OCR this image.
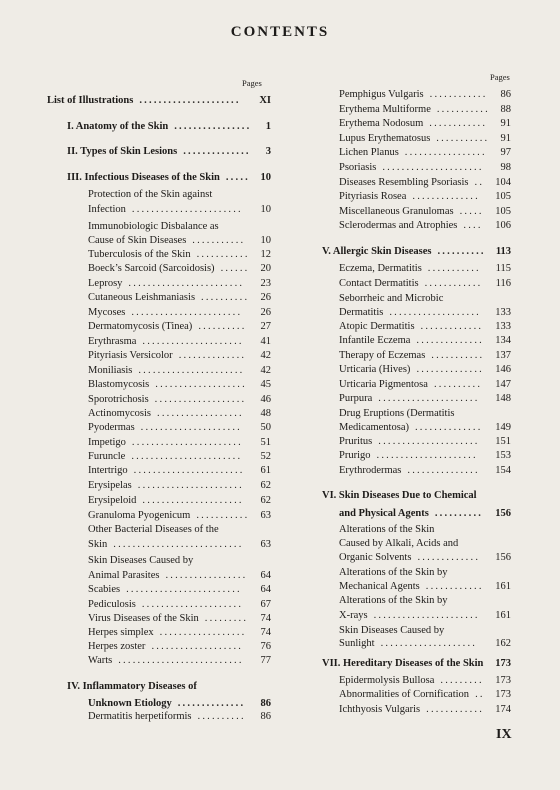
CONTENTS
Pages
Pages
List of Illustrations	XI
.....................
I. Anatomy of the Skin	1
................
II. Types of Skin Lesions	3
..............
III. Infectious Diseases of the Skin	10
.....
Protection of the Skin against
Infection	10
.......................
Immunobiologic Disbalance as
Cause of Skin Diseases	10
...........
Tuberculosis of the Skin	12
...........
Boeck’s Sarcoid (Sarcoidosis)	20
......
Leprosy	23
........................
Cutaneous Leishmaniasis	26
..........
Mycoses	26
.......................
Dermatomycosis (Tinea)	27
..........
Erythrasma	41
.....................
Pityriasis Versicolor	42
..............
Moniliasis	42
......................
Blastomycosis	45
...................
Sporotrichosis	46
...................
Actinomycosis	48
..................
Pyodermas	50
.....................
Impetigo	51
.......................
Furuncle	52
.......................
Intertrigo	61
.......................
Erysipelas	62
......................
Erysipeloid	62
.....................
Granuloma Pyogenicum	63
...........
Other Bacterial Diseases of the
Skin	63
...........................
Skin Diseases Caused by
Animal Parasites	64
.................
Scabies	64
........................
Pediculosis	67
.....................
Virus Diseases of the Skin	74
.........
Herpes simplex	74
..................
Herpes zoster	76
...................
Warts	77
..........................
IV. Inflammatory Diseases of
Unknown Etiology	86
..............
Dermatitis herpetiformis	86
..........
Pemphigus Vulgaris	86
............
Erythema Multiforme	88
...........
Erythema Nodosum	91
............
Lupus Erythematosus	91
...........
Lichen Planus	97
.................
Psoriasis	98
.....................
Diseases Resembling Psoriasis	104
..
Pityriasis Rosea	105
..............
Miscellaneous Granulomas	105
.....
Sclerodermas and Atrophies	106
....
V. Allergic Skin Diseases	113
..........
Eczema, Dermatitis	115
...........
Contact Dermatitis	116
............
Seborrheic and Microbic
Dermatitis	133
...................
Atopic Dermatitis	133
.............
Infantile Eczema	134
..............
Therapy of Eczemas	137
...........
Urticaria (Hives)	146
..............
Urticaria Pigmentosa	147
..........
Purpura	148
.....................
Drug Eruptions (Dermatitis
Medicamentosa)	149
..............
Pruritus	151
.....................
Prurigo	153
.....................
Erythrodermas	154
...............
VI. Skin Diseases Due to Chemical
and Physical Agents	156
..........
Alterations of the Skin
Caused by Alkali, Acids and
Organic Solvents	156
.............
Alterations of the Skin by
Mechanical Agents	161
............
Alterations of the Skin by
X-rays	161
......................
Skin Diseases Caused by
Sunlight	162
....................
VII. Hereditary Diseases of the Skin 173
Epidermolysis Bullosa	173
.........
Abnormalities of Cornification 173
..
Ichthyosis Vulgaris	174
............
IX
